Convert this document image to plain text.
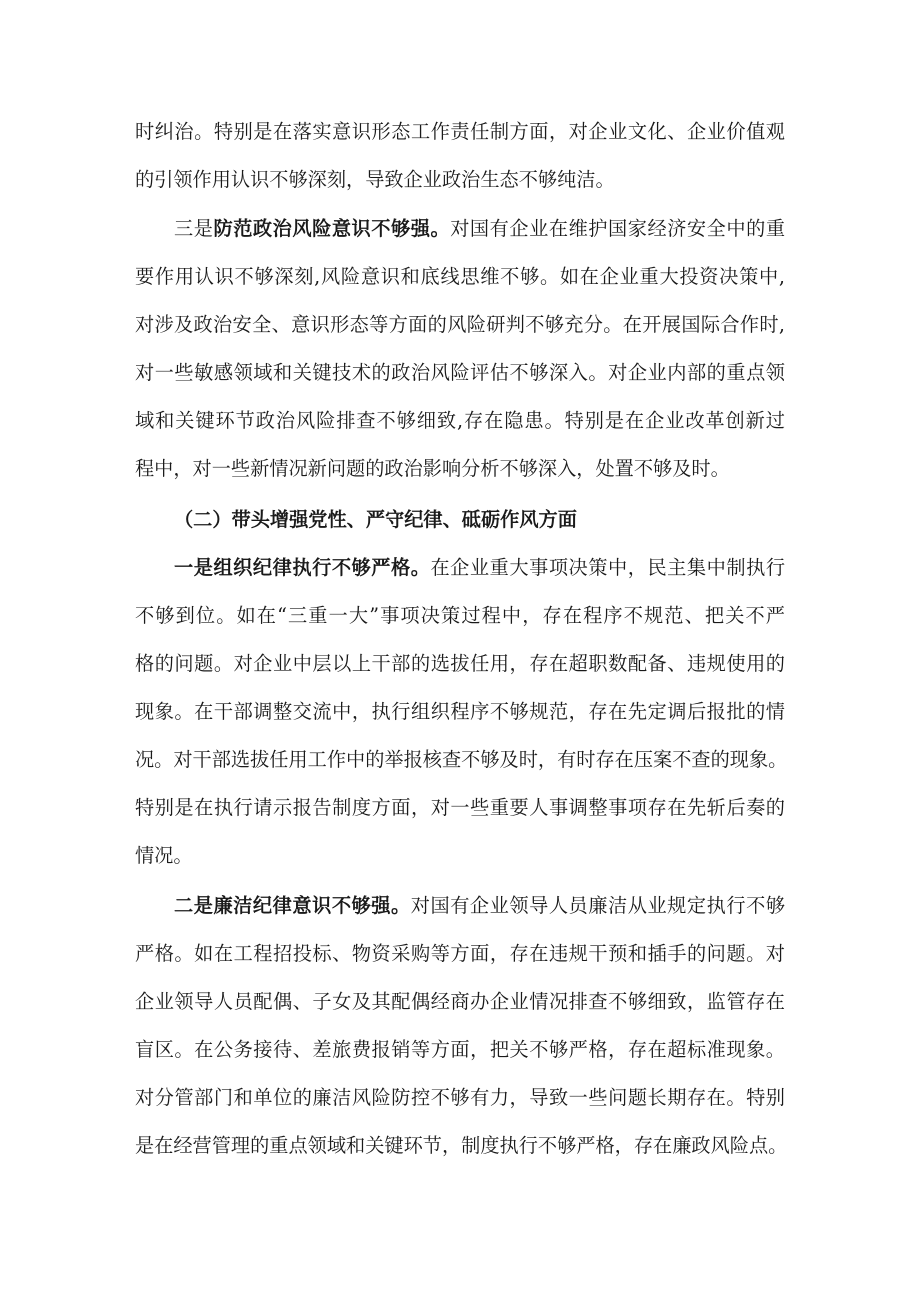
时纠治。特别是在落实意识形态工作责任制方面，对企业文化、企业价值观
的引领作用认识不够深刻，导致企业政治生态不够纯洁。
三是防范政治风险意识不够强。对国有企业在维护国家经济安全中的重
要作用认识不够深刻,风险意识和底线思维不够。如在企业重大投资决策中,
对涉及政治安全、意识形态等方面的风险研判不够充分。在开展国际合作时,
对一些敏感领域和关键技术的政治风险评估不够深入。对企业内部的重点领
域和关键环节政治风险排查不够细致,存在隐患。特别是在企业改革创新过
程中，对一些新情况新问题的政治影响分析不够深入，处置不够及时。
（二）带头增强党性、严守纪律、砥砺作风方面
一是组织纪律执行不够严格。在企业重大事项决策中，民主集中制执行
不够到位。如在“三重一大”事项决策过程中，存在程序不规范、把关不严
格的问题。对企业中层以上干部的选拔任用，存在超职数配备、违规使用的
现象。在干部调整交流中，执行组织程序不够规范，存在先定调后报批的情
况。对干部选拔任用工作中的举报核查不够及时，有时存在压案不查的现象。
特别是在执行请示报告制度方面，对一些重要人事调整事项存在先斩后奏的
情况。
二是廉洁纪律意识不够强。对国有企业领导人员廉洁从业规定执行不够
严格。如在工程招投标、物资采购等方面，存在违规干预和插手的问题。对
企业领导人员配偶、子女及其配偶经商办企业情况排查不够细致，监管存在
盲区。在公务接待、差旅费报销等方面，把关不够严格，存在超标准现象。
对分管部门和单位的廉洁风险防控不够有力，导致一些问题长期存在。特别
是在经营管理的重点领域和关键环节，制度执行不够严格，存在廉政风险点。
